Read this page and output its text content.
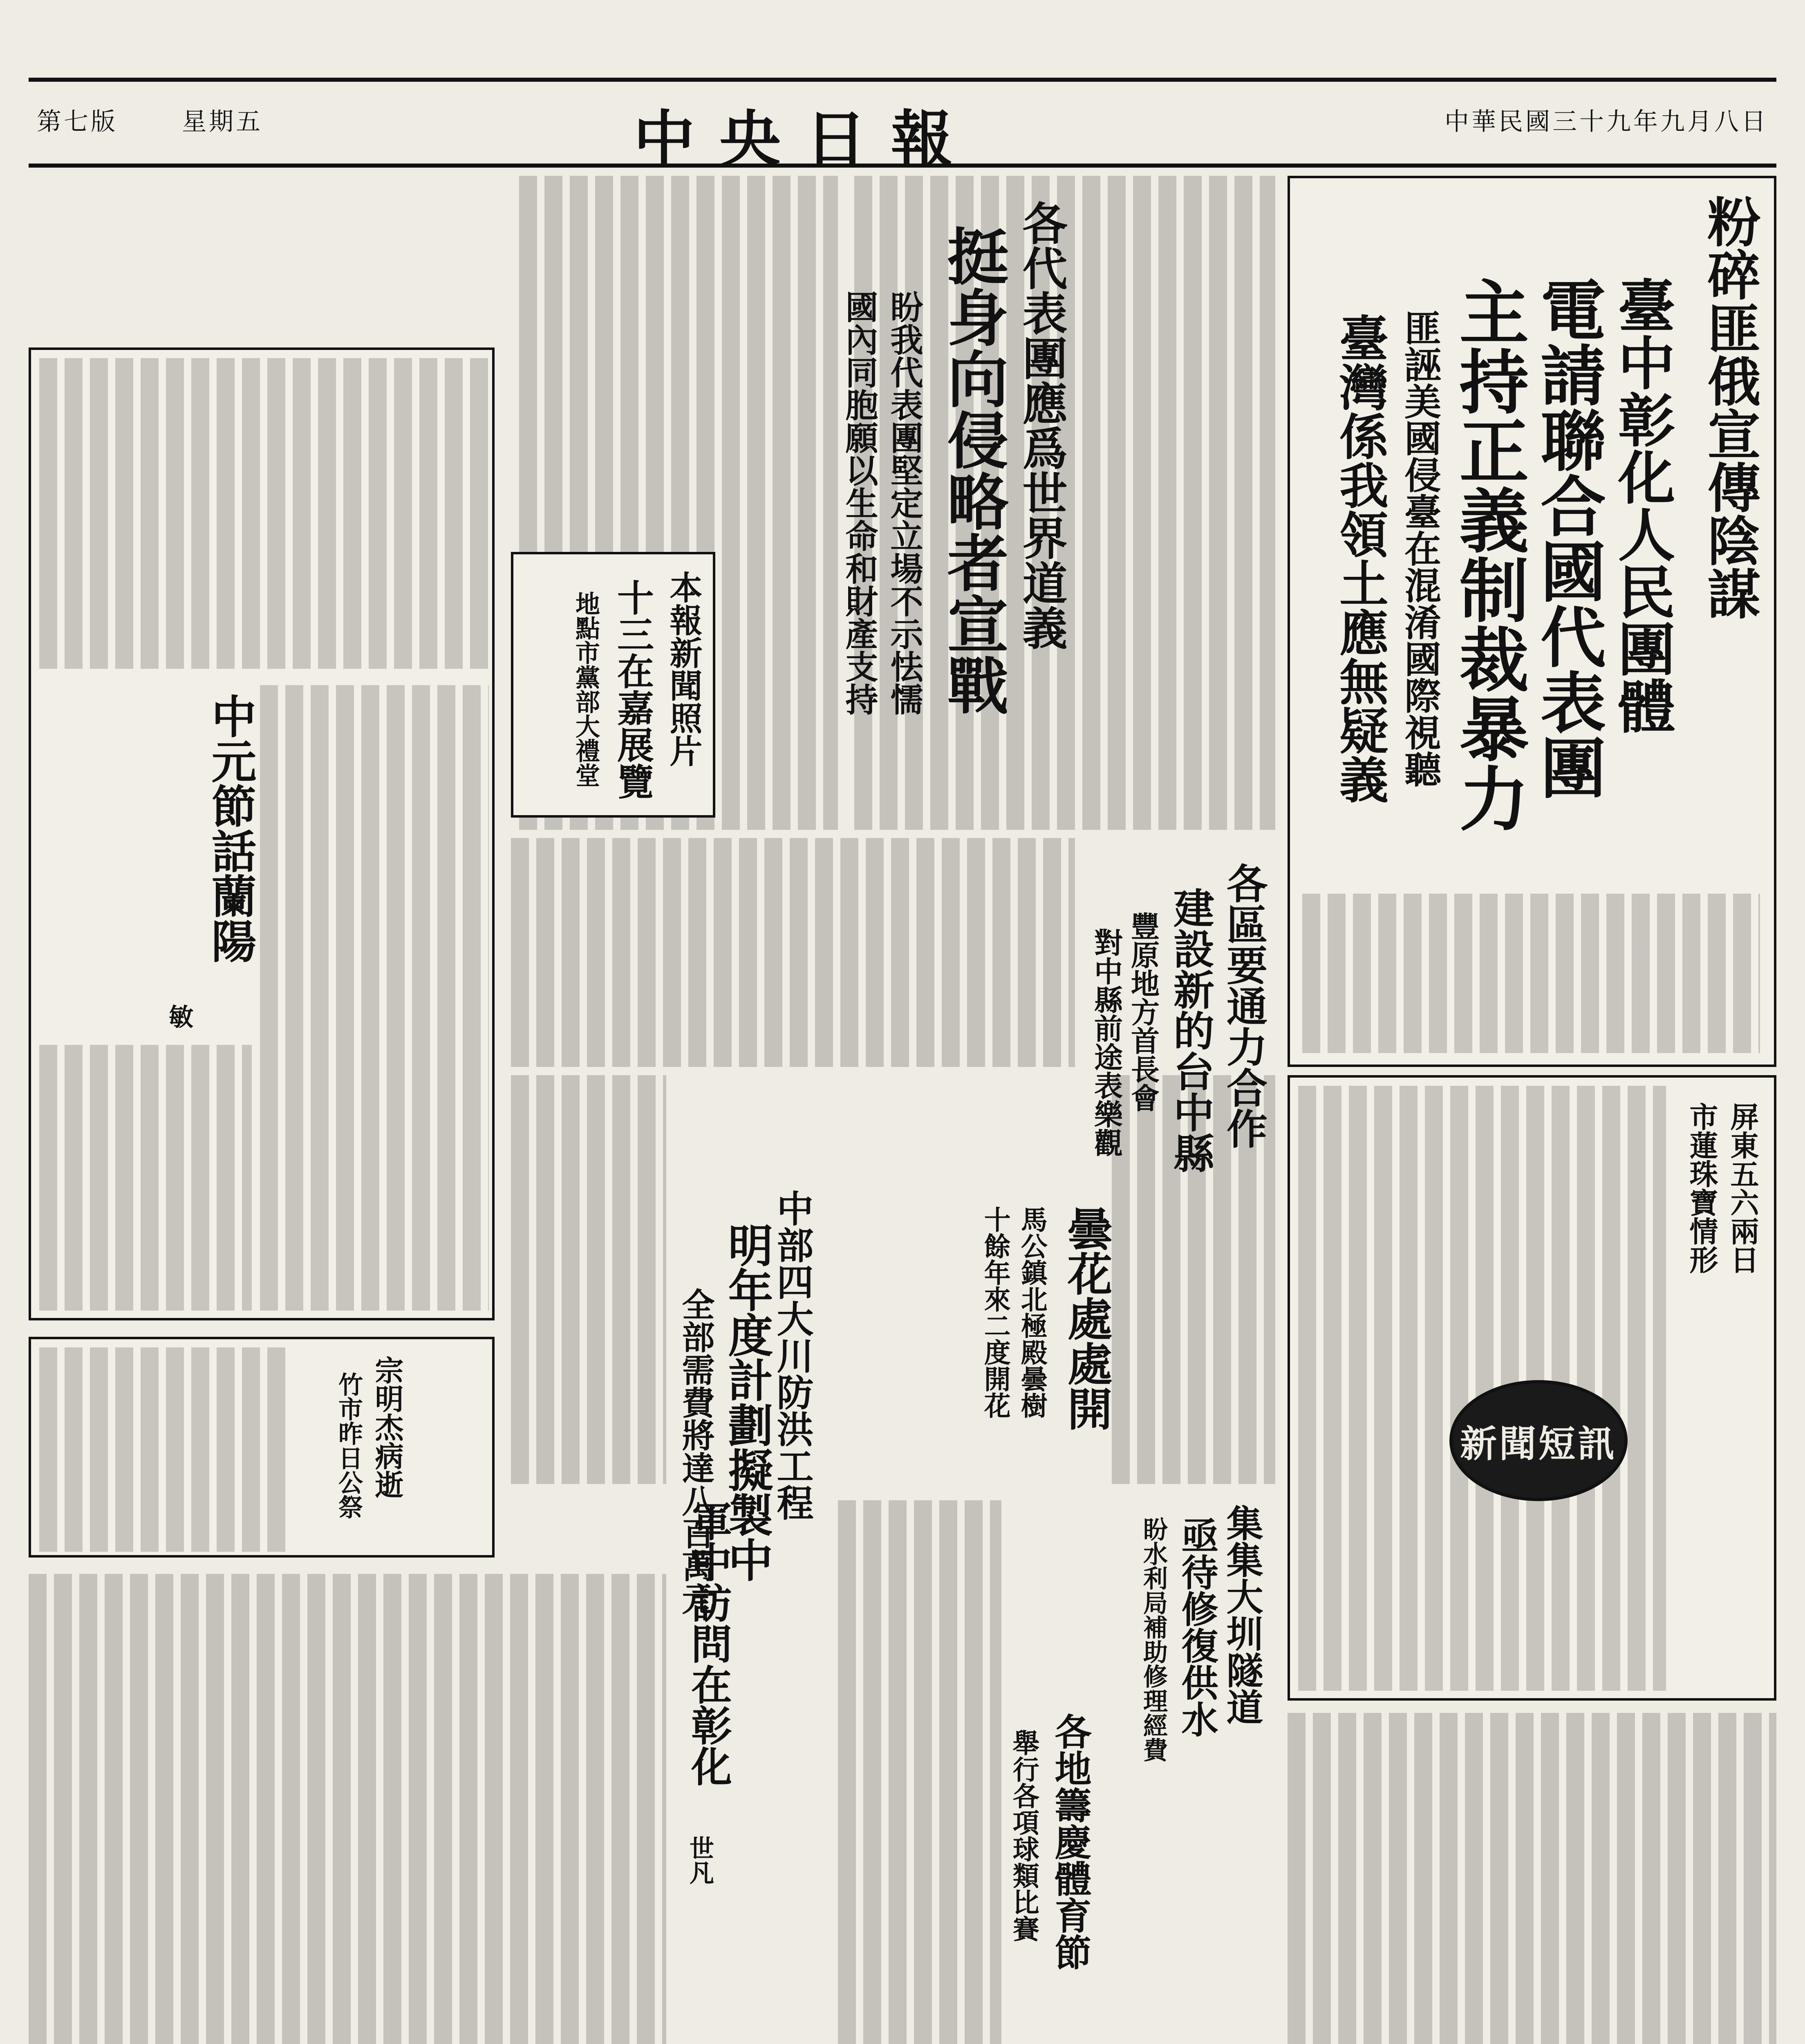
第七版 　　	星期五	中央日報	中華民國三十九年九月八日
粉碎匪俄宣傳陰謀
臺中彰化人民團體
電請聯合國代表團
主持正義制裁暴力
匪誣美國侵臺在混淆國際視聽
臺灣係我領土應無疑義
各代表團應爲世界道義
挺身向侵略者宣戰
盼我代表團堅定立場不示怯懦
國內同胞願以生命和財產支持
本報新聞照片
十三在嘉展覽
地點市黨部大禮堂
中元節話蘭陽
敏	各區要通力合作
建設新的台中縣
豐原地方首長會
對中縣前途表樂觀
屏東五六兩日
市蓮珠寶情形
新聞短訊
曇花處處開
馬公鎮北極殿曇樹
十餘年來二度開花
中部四大川防洪工程
明年度計劃擬製中
全部需費將達八百萬元
宗明杰病逝
竹市昨日公祭
集集大圳隧道
亟待修復供水
盼水利局補助修理經費
各地籌慶體育節
舉行各項球類比賽
軍中訪問在彰化
世凡
